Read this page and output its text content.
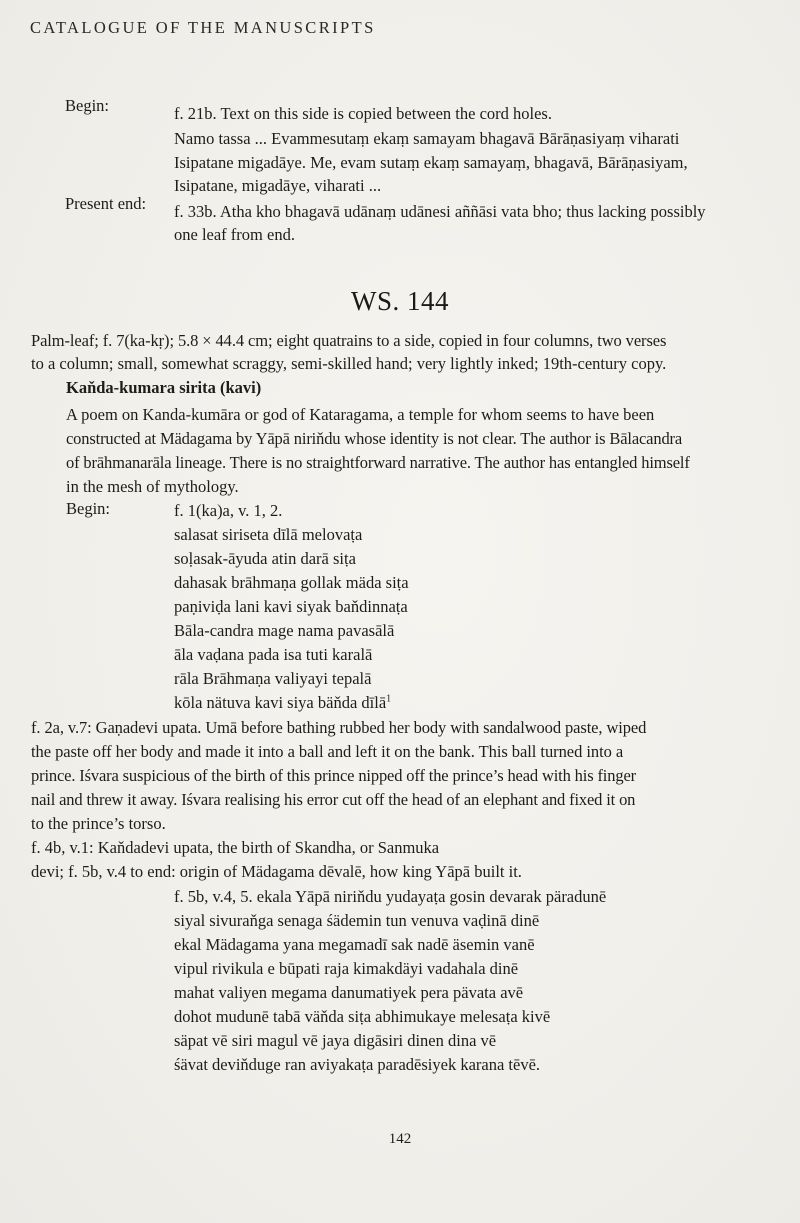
CATALOGUE OF THE MANUSCRIPTS
Begin:	f. 21b. Text on this side is copied between the cord holes.
Namo tassa ... Evammesutaṃ ekaṃ samayam bhagavā Bārāṇasiyaṃ viharati
Isipatane migadāye. Me, evam sutaṃ ekaṃ samayaṃ, bhagavā, Bārāṇasiyam,
Isipatane, migadāye, viharati ...
Present end: f. 33b. Atha kho bhagavā udānaṃ udānesi aññāsi vata bho; thus lacking possibly
one leaf from end.
WS. 144
Palm-leaf; f. 7(ka-kṛ); 5.8 × 44.4 cm; eight quatrains to a side, copied in four columns, two verses
to a column; small, somewhat scraggy, semi-skilled hand; very lightly inked; 19th-century copy.
Kaňda-kumara sirita (kavi)
A poem on Kanda-kumāra or god of Kataragama, a temple for whom seems to have been
constructed at Mädagama by Yāpā niriňdu whose identity is not clear. The author is Bālacandra
of brāhmanarāla lineage. There is no straightforward narrative. The author has entangled himself
in the mesh of mythology.
Begin:	f. 1(ka)a, v. 1, 2.
salasat siriseta dīlā melovaṭa
soḷasak-āyuda atin darā siṭa
dahasak brāhmaṇa gollak mäda siṭa
paṇiviḍa lani kavi siyak baňdinnaṭa
Bāla-candra mage nama pavasālā
āla vaḍana pada isa tuti karalā
rāla Brāhmaṇa valiyayi tepalā
kōla nätuva kavi siya bäňda dīlā$^1$
f. 2a, v.7: Gaṇadevi upata. Umā before bathing rubbed her body with sandalwood paste, wiped
the paste off her body and made it into a ball and left it on the bank. This ball turned into a
prince. Iśvara suspicious of the birth of this prince nipped off the prince’s head with his finger
nail and threw it away. Iśvara realising his error cut off the head of an elephant and fixed it on
to the prince’s torso.
f. 4b, v.1: Kaňdadevi upata, the birth of Skandha, or Sanmuka
devi; f. 5b, v.4 to end: origin of Mädagama dēvalē, how king Yāpā built it.
f. 5b, v.4, 5. ekala Yāpā niriňdu yudayaṭa gosin devarak päradunē
siyal sivuraňga senaga śädemin tun venuva vaḍinā dinē
ekal Mädagama yana megamadī sak nadē äsemin vanē
vipul rivikula e būpati raja kimakdäyi vadahala dinē
mahat valiyen megama danumatiyek pera pävata avē
dohot mudunē tabā väňda siṭa abhimukaye melesaṭa kivē
säpat vē siri magul vē jaya digāsiri dinen dina vē
śävat deviňduge ran aviyakaṭa paradēsiyek karana tēvē.
142
